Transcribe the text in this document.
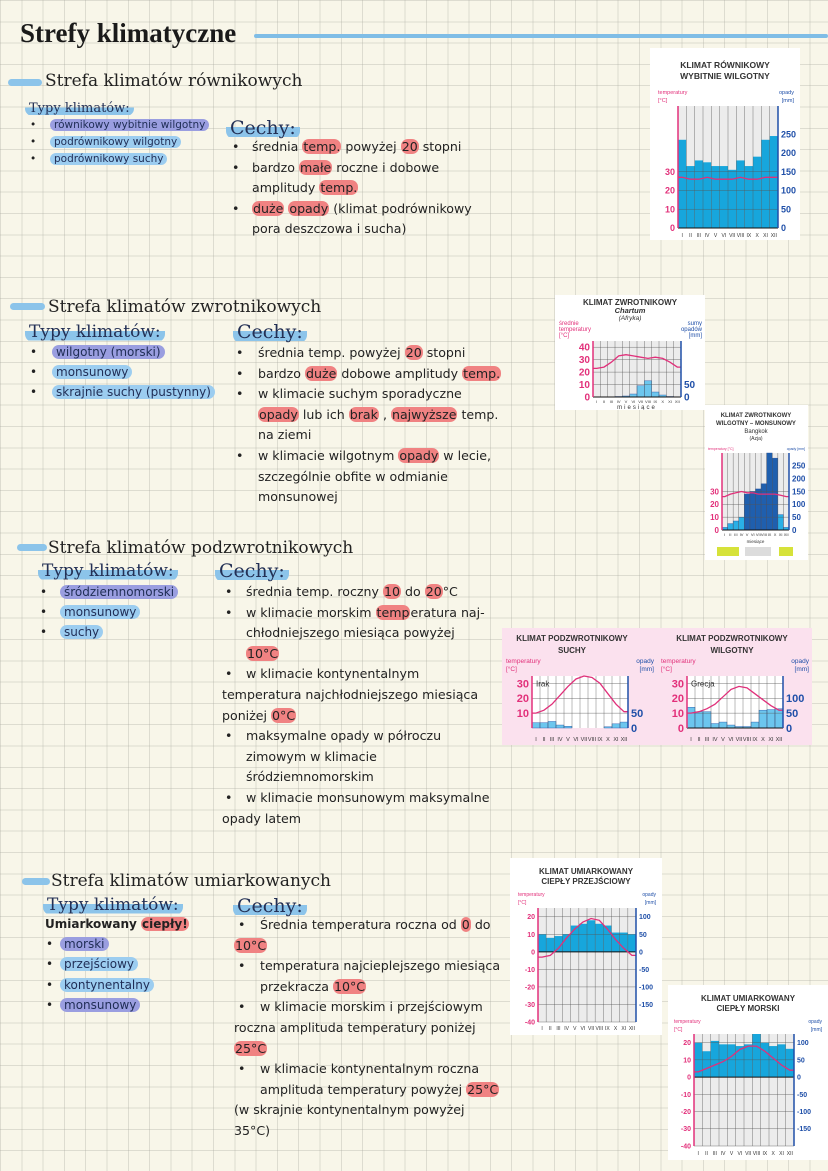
Strefy klimatyczne
Strefa klimatów równikowych
Typy klimatów:
• równikowy wybitnie wilgotny
• podrównikowy wilgotny
• podrównikowy suchy
Cechy:
• średnia temp. powyżej 20 stopni
• bardzo małe roczne i dobowe
amplitudy temp.
• duże opady (klimat podrównikowy
pora deszczowa i sucha)
Strefa klimatów zwrotnikowych
Typy klimatów:
• wilgotny (morski)
• monsunowy
• skrajnie suchy (pustynny)
Cechy:
• średnia temp. powyżej 20 stopni
• bardzo duże dobowe amplitudy temp.
• w klimacie suchym sporadyczne
opady lub ich brak , najwyższe temp.
na ziemi
• w klimacie wilgotnym opady w lecie,
szczególnie obfite w odmianie
monsunowej
Strefa klimatów podzwrotnikowych
Typy klimatów:
• śródziemnomorski
• monsunowy
• suchy
Cechy:
• średnia temp. roczny 10 do 20°C
• w klimacie morskim temperatura naj-
chłodniejszego miesiąca powyżej
10°C
• w klimacie kontynentalnym
temperatura najchłodniejszego miesiąca
poniżej 0°C
• maksymalne opady w półroczu
zimowym w klimacie
śródziemnomorskim
• w klimacie monsunowym maksymalne
opady latem
Strefa klimatów umiarkowanych
Typy klimatów:
Umiarkowany ciepły!
• morski
• przejściowy
• kontynentalny
• monsunowy
Cechy:
• Średnia temperatura roczna od 0 do
10°C
• temperatura najcieplejszego miesiąca
przekracza 10°C
• w klimacie morskim i przejściowym
roczna amplituda temperatury poniżej
25°C
• w klimacie kontynentalnym roczna
amplituda temperatury powyżej 25°C
(w skrajnie kontynentalnym powyżej
35°C)
KLIMAT RÓWNIKOWY
WYBITNIE WILGOTNY
temperatury
[°C]
opady
[mm]
0
10
20
30
0
50
100
150
200
250
I II III IV V VI VII VIII IX X XI XII
KLIMAT ZWROTNIKOWY
Chartum
(Afryka)
średnie
temperatury
[°C]
sumy
opadów
[mm]
0
10
20
30
40
0
50
I II III IV V VI VII VIII IX X XI XII
miesiące
KLIMAT ZWROTNIKOWY
WILGOTNY – MONSUNOWY
Bangkok
(Azja)
temperatury [°C]	opady [mm]
0
10
20
30
0
50
100
150
200
250
I II III IV V VI VII VIII IX X XI XII
miesiące
KLIMAT PODZWROTNIKOWY
SUCHY
temperatury
[°C]
opady
[mm]
10
20
30
0
50
I II III IV V VI VII VIII IX X XI XII
Irak
KLIMAT PODZWROTNIKOWY
WILGOTNY
temperatury
[°C]
opady
[mm]
0
10
20
30
0
50
100
I II III IV V VI VII VIII IX X XI XII
Grecja
KLIMAT UMIARKOWANY
CIEPŁY PRZEJŚCIOWY
temperatury
[°C]
opady
[mm]
-40
-30
-20
-10
0
10
20
-150
-100
-50
0
50
100
I II III IV V VI VII VIII IX X XI XII
KLIMAT UMIARKOWANY
CIEPŁY MORSKI
temperatury
[°C]
opady
[mm]
-40
-30
-20
-10
0
10
20
-150
-100
-50
0
50
100
I II III IV V VI VII VIII IX X XI XII
